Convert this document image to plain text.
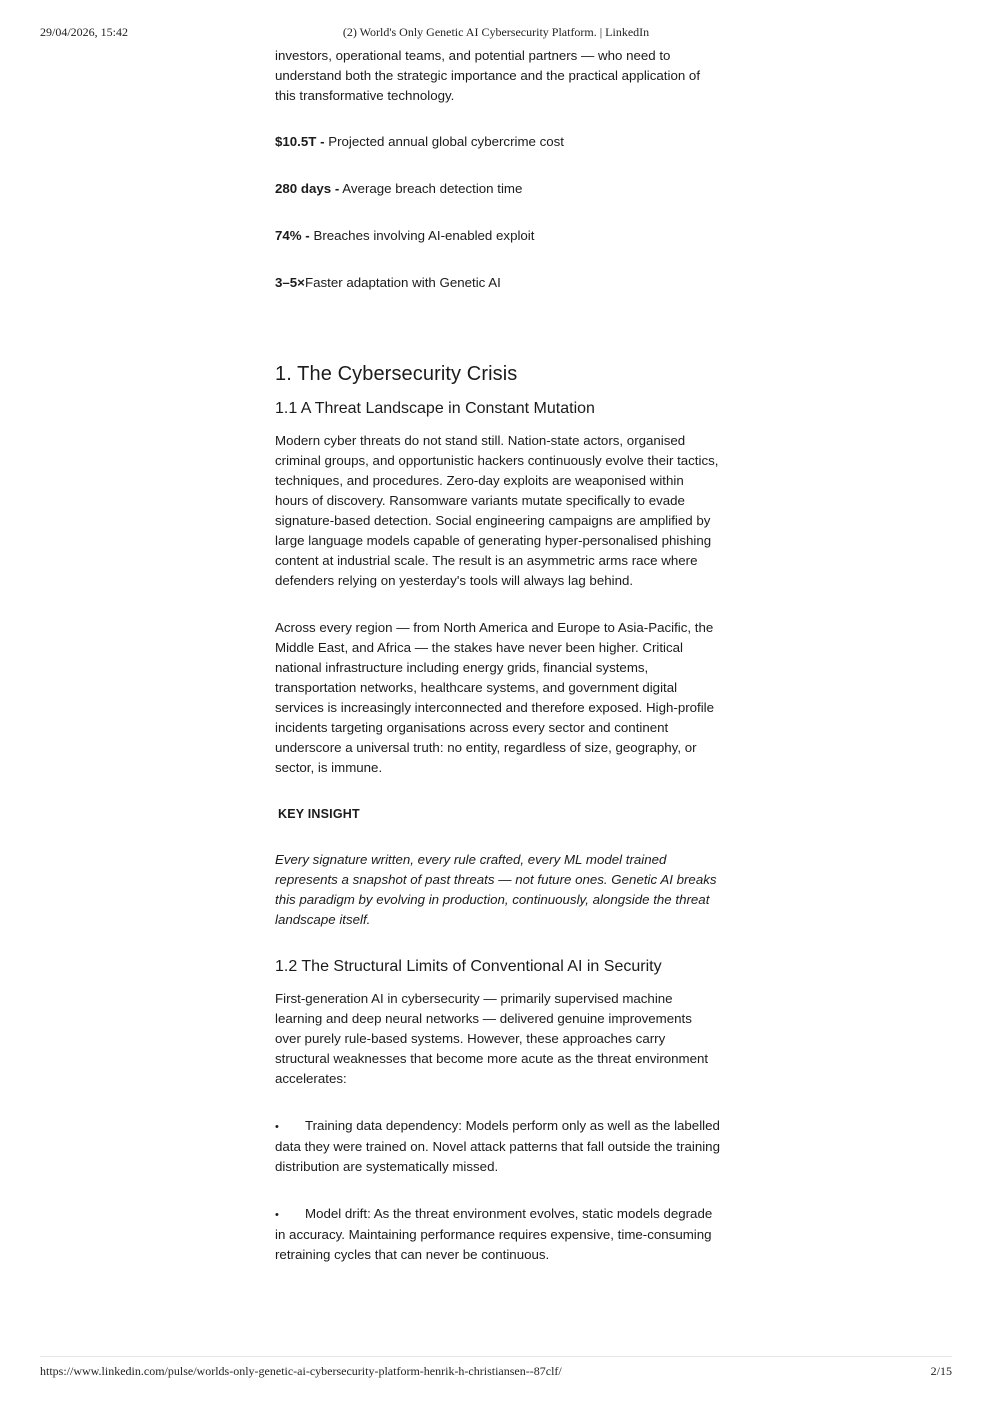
29/04/2026, 15:42	(2) World's Only Genetic AI Cybersecurity Platform. | LinkedIn

investors, operational teams, and potential partners — who need to understand both the strategic importance and the practical application of this transformative technology.

$10.5T - Projected annual global cybercrime cost

280 days - Average breach detection time

74% - Breaches involving AI-enabled exploit

3–5×Faster adaptation with Genetic AI

1. The Cybersecurity Crisis
1.1 A Threat Landscape in Constant Mutation

Modern cyber threats do not stand still. Nation-state actors, organised criminal groups, and opportunistic hackers continuously evolve their tactics, techniques, and procedures. Zero-day exploits are weaponised within hours of discovery. Ransomware variants mutate specifically to evade signature-based detection. Social engineering campaigns are amplified by large language models capable of generating hyper-personalised phishing content at industrial scale. The result is an asymmetric arms race where defenders relying on yesterday's tools will always lag behind.

Across every region — from North America and Europe to Asia-Pacific, the Middle East, and Africa — the stakes have never been higher. Critical national infrastructure including energy grids, financial systems, transportation networks, healthcare systems, and government digital services is increasingly interconnected and therefore exposed. High-profile incidents targeting organisations across every sector and continent underscore a universal truth: no entity, regardless of size, geography, or sector, is immune.

KEY INSIGHT

Every signature written, every rule crafted, every ML model trained represents a snapshot of past threats — not future ones. Genetic AI breaks this paradigm by evolving in production, continuously, alongside the threat landscape itself.

1.2 The Structural Limits of Conventional AI in Security

First-generation AI in cybersecurity — primarily supervised machine learning and deep neural networks — delivered genuine improvements over purely rule-based systems. However, these approaches carry structural weaknesses that become more acute as the threat environment accelerates:

• Training data dependency: Models perform only as well as the labelled data they were trained on. Novel attack patterns that fall outside the training distribution are systematically missed.

• Model drift: As the threat environment evolves, static models degrade in accuracy. Maintaining performance requires expensive, time-consuming retraining cycles that can never be continuous.

https://www.linkedin.com/pulse/worlds-only-genetic-ai-cybersecurity-platform-henrik-h-christiansen--87clf/	2/15
